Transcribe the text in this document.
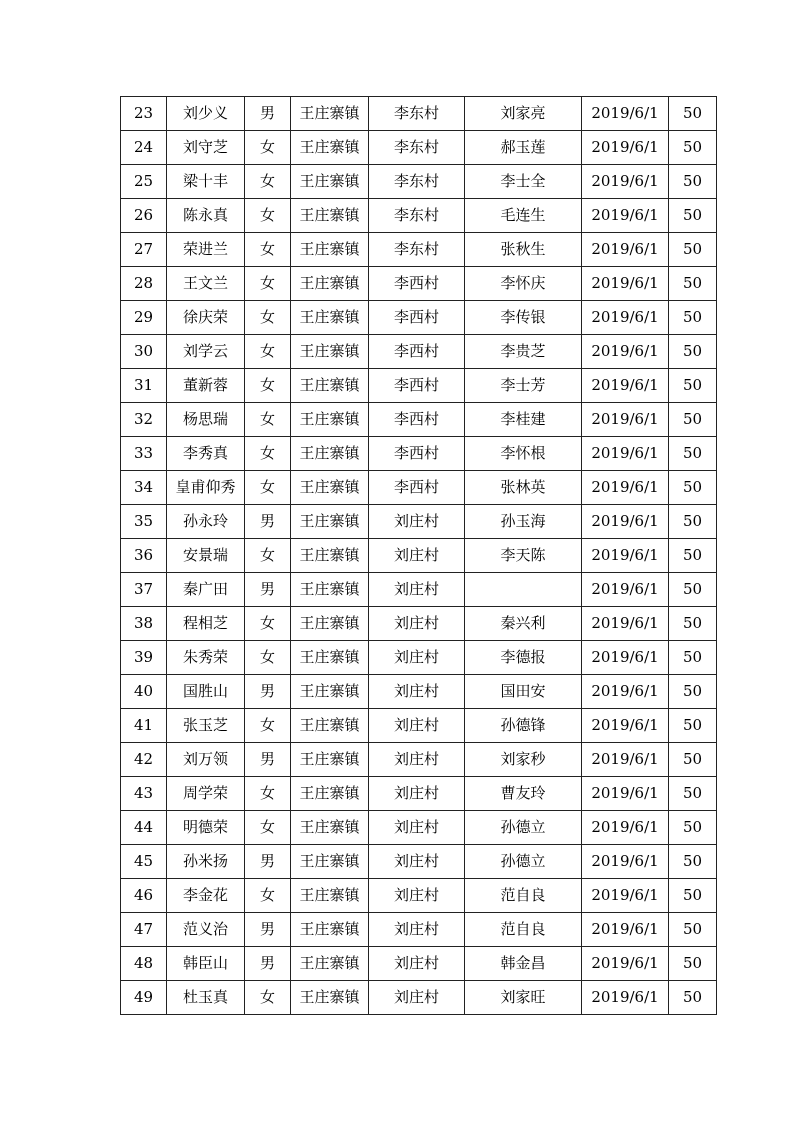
23	刘少义	男	王庄寨镇	李东村	刘家亮	2019/6/1	50
24	刘守芝	女	王庄寨镇	李东村	郝玉莲	2019/6/1	50
25	梁十丰	女	王庄寨镇	李东村	李士全	2019/6/1	50
26	陈永真	女	王庄寨镇	李东村	毛连生	2019/6/1	50
27	荣进兰	女	王庄寨镇	李东村	张秋生	2019/6/1	50
28	王文兰	女	王庄寨镇	李西村	李怀庆	2019/6/1	50
29	徐庆荣	女	王庄寨镇	李西村	李传银	2019/6/1	50
30	刘学云	女	王庄寨镇	李西村	李贵芝	2019/6/1	50
31	董新蓉	女	王庄寨镇	李西村	李士芳	2019/6/1	50
32	杨思瑞	女	王庄寨镇	李西村	李桂建	2019/6/1	50
33	李秀真	女	王庄寨镇	李西村	李怀根	2019/6/1	50
34	皇甫仰秀	女	王庄寨镇	李西村	张林英	2019/6/1	50
35	孙永玲	男	王庄寨镇	刘庄村	孙玉海	2019/6/1	50
36	安景瑞	女	王庄寨镇	刘庄村	李天陈	2019/6/1	50
37	秦广田	男	王庄寨镇	刘庄村		2019/6/1	50
38	程相芝	女	王庄寨镇	刘庄村	秦兴利	2019/6/1	50
39	朱秀荣	女	王庄寨镇	刘庄村	李德报	2019/6/1	50
40	国胜山	男	王庄寨镇	刘庄村	国田安	2019/6/1	50
41	张玉芝	女	王庄寨镇	刘庄村	孙德锋	2019/6/1	50
42	刘万领	男	王庄寨镇	刘庄村	刘家秒	2019/6/1	50
43	周学荣	女	王庄寨镇	刘庄村	曹友玲	2019/6/1	50
44	明德荣	女	王庄寨镇	刘庄村	孙德立	2019/6/1	50
45	孙米扬	男	王庄寨镇	刘庄村	孙德立	2019/6/1	50
46	李金花	女	王庄寨镇	刘庄村	范自良	2019/6/1	50
47	范义治	男	王庄寨镇	刘庄村	范自良	2019/6/1	50
48	韩臣山	男	王庄寨镇	刘庄村	韩金昌	2019/6/1	50
49	杜玉真	女	王庄寨镇	刘庄村	刘家旺	2019/6/1	50
